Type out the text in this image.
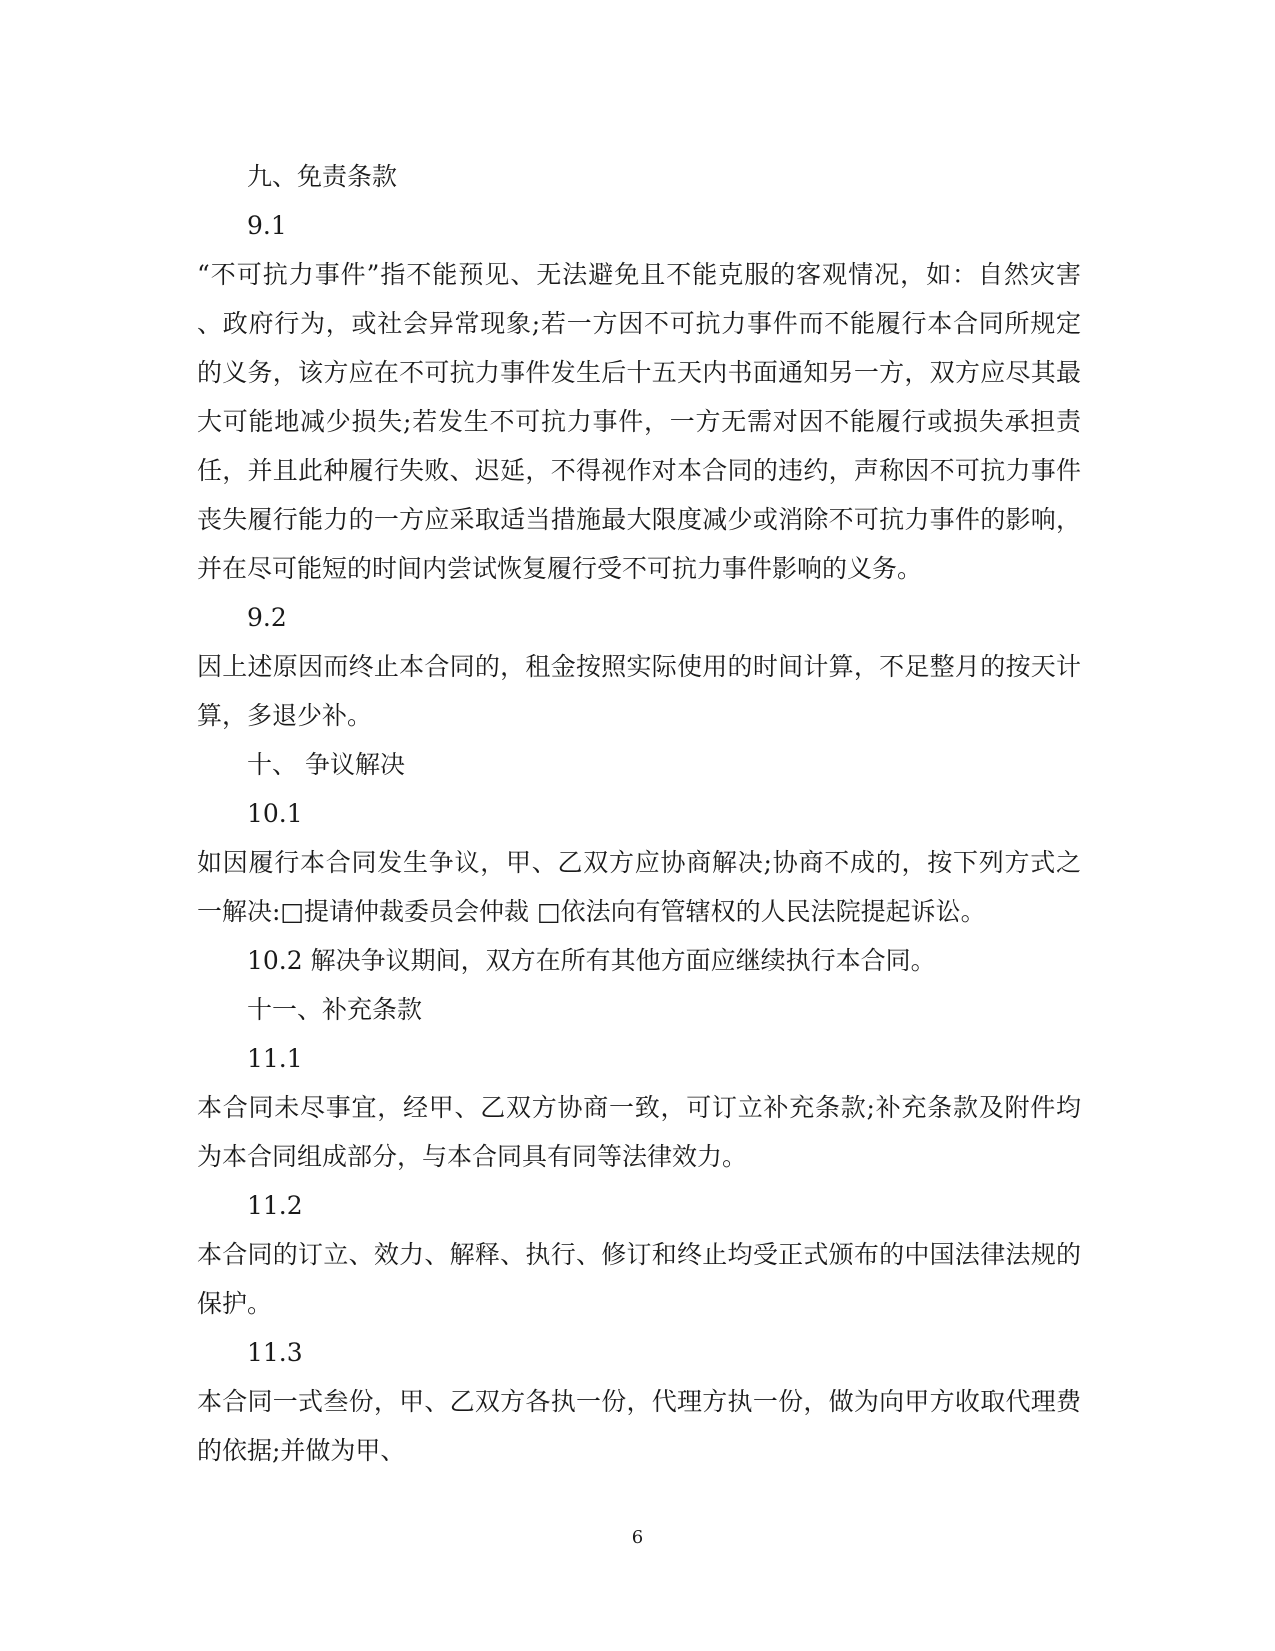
九、免责条款
9.1
“不可抗力事件”指不能预见、无法避免且不能克服的客观情况，如：自然灾害
、政府行为，或社会异常现象;若一方因不可抗力事件而不能履行本合同所规定
的义务，该方应在不可抗力事件发生后十五天内书面通知另一方，双方应尽其最
大可能地减少损失;若发生不可抗力事件，一方无需对因不能履行或损失承担责
任，并且此种履行失败、迟延，不得视作对本合同的违约，声称因不可抗力事件
丧失履行能力的一方应采取适当措施最大限度减少或消除不可抗力事件的影响，
并在尽可能短的时间内尝试恢复履行受不可抗力事件影响的义务。
9.2
因上述原因而终止本合同的，租金按照实际使用的时间计算，不足整月的按天计
算，多退少补。
十、 争议解决
10.1
如因履行本合同发生争议，甲、乙双方应协商解决;协商不成的，按下列方式之
一解决:□提请仲裁委员会仲裁 □依法向有管辖权的人民法院提起诉讼。
10.2 解决争议期间，双方在所有其他方面应继续执行本合同。
十一、补充条款
11.1
本合同未尽事宜，经甲、乙双方协商一致，可订立补充条款;补充条款及附件均
为本合同组成部分，与本合同具有同等法律效力。
11.2
本合同的订立、效力、解释、执行、修订和终止均受正式颁布的中国法律法规的
保护。
11.3
本合同一式叁份，甲、乙双方各执一份，代理方执一份，做为向甲方收取代理费
的依据;并做为甲、
6
